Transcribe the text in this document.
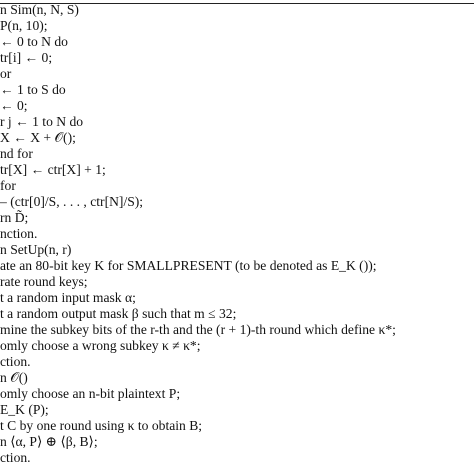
n Sim(n, N, S)
P(n, 10);
← 0 to N do
tr[i] ← 0;
or
← 1 to S do
← 0;
r j ← 1 to N do
X ← X + 𝒪();
nd for
tr[X] ← ctr[X] + 1;
for
– (ctr[0]/S, . . . , ctr[N]/S);
rn D̃;
nction.
n SetUp(n, r)
ate an 80-bit key K for SMALLPRESENT (to be denoted as E_K ());
rate round keys;
t a random input mask α;
t a random output mask β such that m ≤ 32;
mine the subkey bits of the r-th and the (r + 1)-th round which define κ*;
omly choose a wrong subkey κ ≠ κ*;
ction.
n 𝒪()
omly choose an n-bit plaintext P;
E_K (P);
t C by one round using κ to obtain B;
n ⟨α, P⟩ ⊕ ⟨β, B⟩;
ction.
